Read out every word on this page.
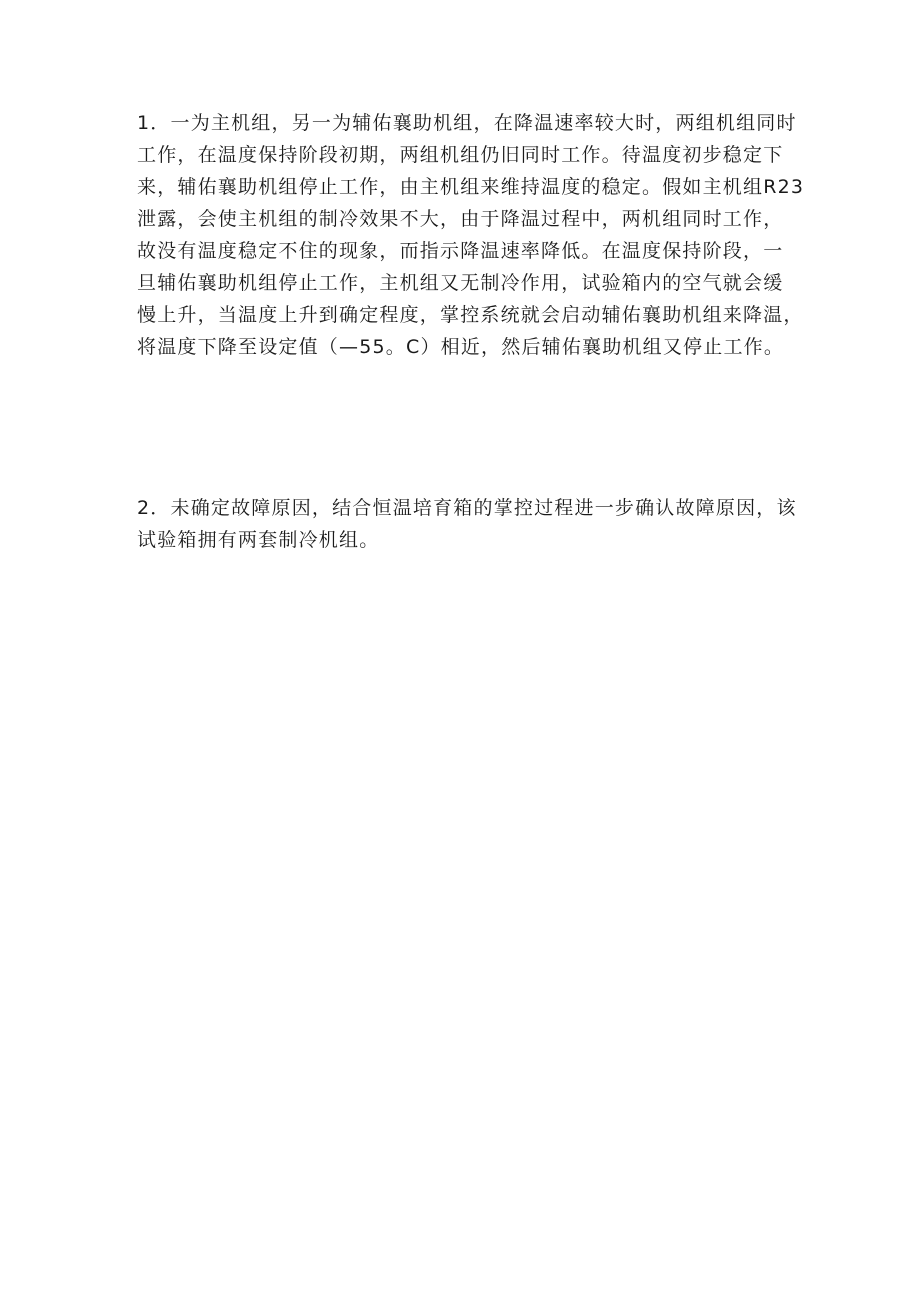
1．一为主机组，另一为辅佑襄助机组，在降温速率较大时，两组机组同时
工作，在温度保持阶段初期，两组机组仍旧同时工作。待温度初步稳定下
来，辅佑襄助机组停止工作，由主机组来维持温度的稳定。假如主机组R23
泄露，会使主机组的制冷效果不大，由于降温过程中，两机组同时工作，
故没有温度稳定不住的现象，而指示降温速率降低。在温度保持阶段，一
旦辅佑襄助机组停止工作，主机组又无制冷作用，试验箱内的空气就会缓
慢上升，当温度上升到确定程度，掌控系统就会启动辅佑襄助机组来降温，
将温度下降至设定值（—55。C）相近，然后辅佑襄助机组又停止工作。

2．未确定故障原因，结合恒温培育箱的掌控过程进一步确认故障原因，该
试验箱拥有两套制冷机组。
